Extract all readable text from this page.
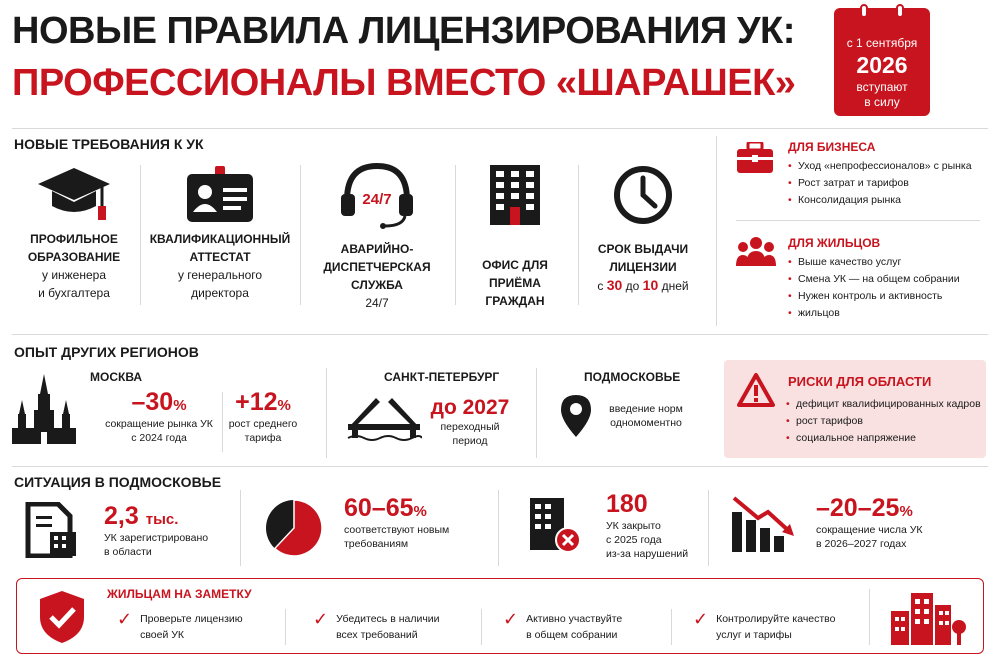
НОВЫЕ ПРАВИЛА ЛИЦЕНЗИРОВАНИЯ УК:
ПРОФЕССИОНАЛЫ ВМЕСТО «ШАРАШЕК»
с 1 сентября
2026
вступают
в силу
НОВЫЕ ТРЕБОВАНИЯ К УК
ПРОФИЛЬНОЕ
ОБРАЗОВАНИЕ
у инженера
и бухгалтера
КВАЛИФИКАЦИОННЫЙ
АТТЕСТАТ
у генерального
директора
24/7
АВАРИЙНО-
ДИСПЕТЧЕРСКАЯ СЛУЖБА
24/7
ОФИС ДЛЯ
ПРИЁМА ГРАЖДАН
СРОК ВЫДАЧИ
ЛИЦЕНЗИИ
с 30 до 10 дней
ДЛЯ БИЗНЕСА
• Уход «непрофессионалов» с рынка
• Рост затрат и тарифов
• Консолидация рынка
ДЛЯ ЖИЛЬЦОВ
• Выше качество услуг
• Смена УК — на общем собрании
• Нужен контроль и активность
• жильцов
ОПЫТ ДРУГИХ РЕГИОНОВ
МОСКВА
–30%
сокращение рынка УК
с 2024 года
+12%
рост среднего
тарифа
САНКТ-ПЕТЕРБУРГ
до 2027
переходный
период
ПОДМОСКОВЬЕ
введение норм
одномоментно
РИСКИ ДЛЯ ОБЛАСТИ
• дефицит квалифицированных кадров
• рост тарифов
• социальное напряжение
СИТУАЦИЯ В ПОДМОСКОВЬЕ
2,3 тыс.
УК зарегистрировано
в области
60–65%
соответствуют новым
требованиям
180
УК закрыто
с 2025 года
из-за нарушений
–20–25%
сокращение числа УК
в 2026–2027 годах
ЖИЛЬЦАМ НА ЗАМЕТКУ
✓ Проверьте лицензию
своей УК
✓ Убедитесь в наличии
всех требований
✓ Активно участвуйте
в общем собрании
✓ Контролируйте качество
услуг и тарифы
